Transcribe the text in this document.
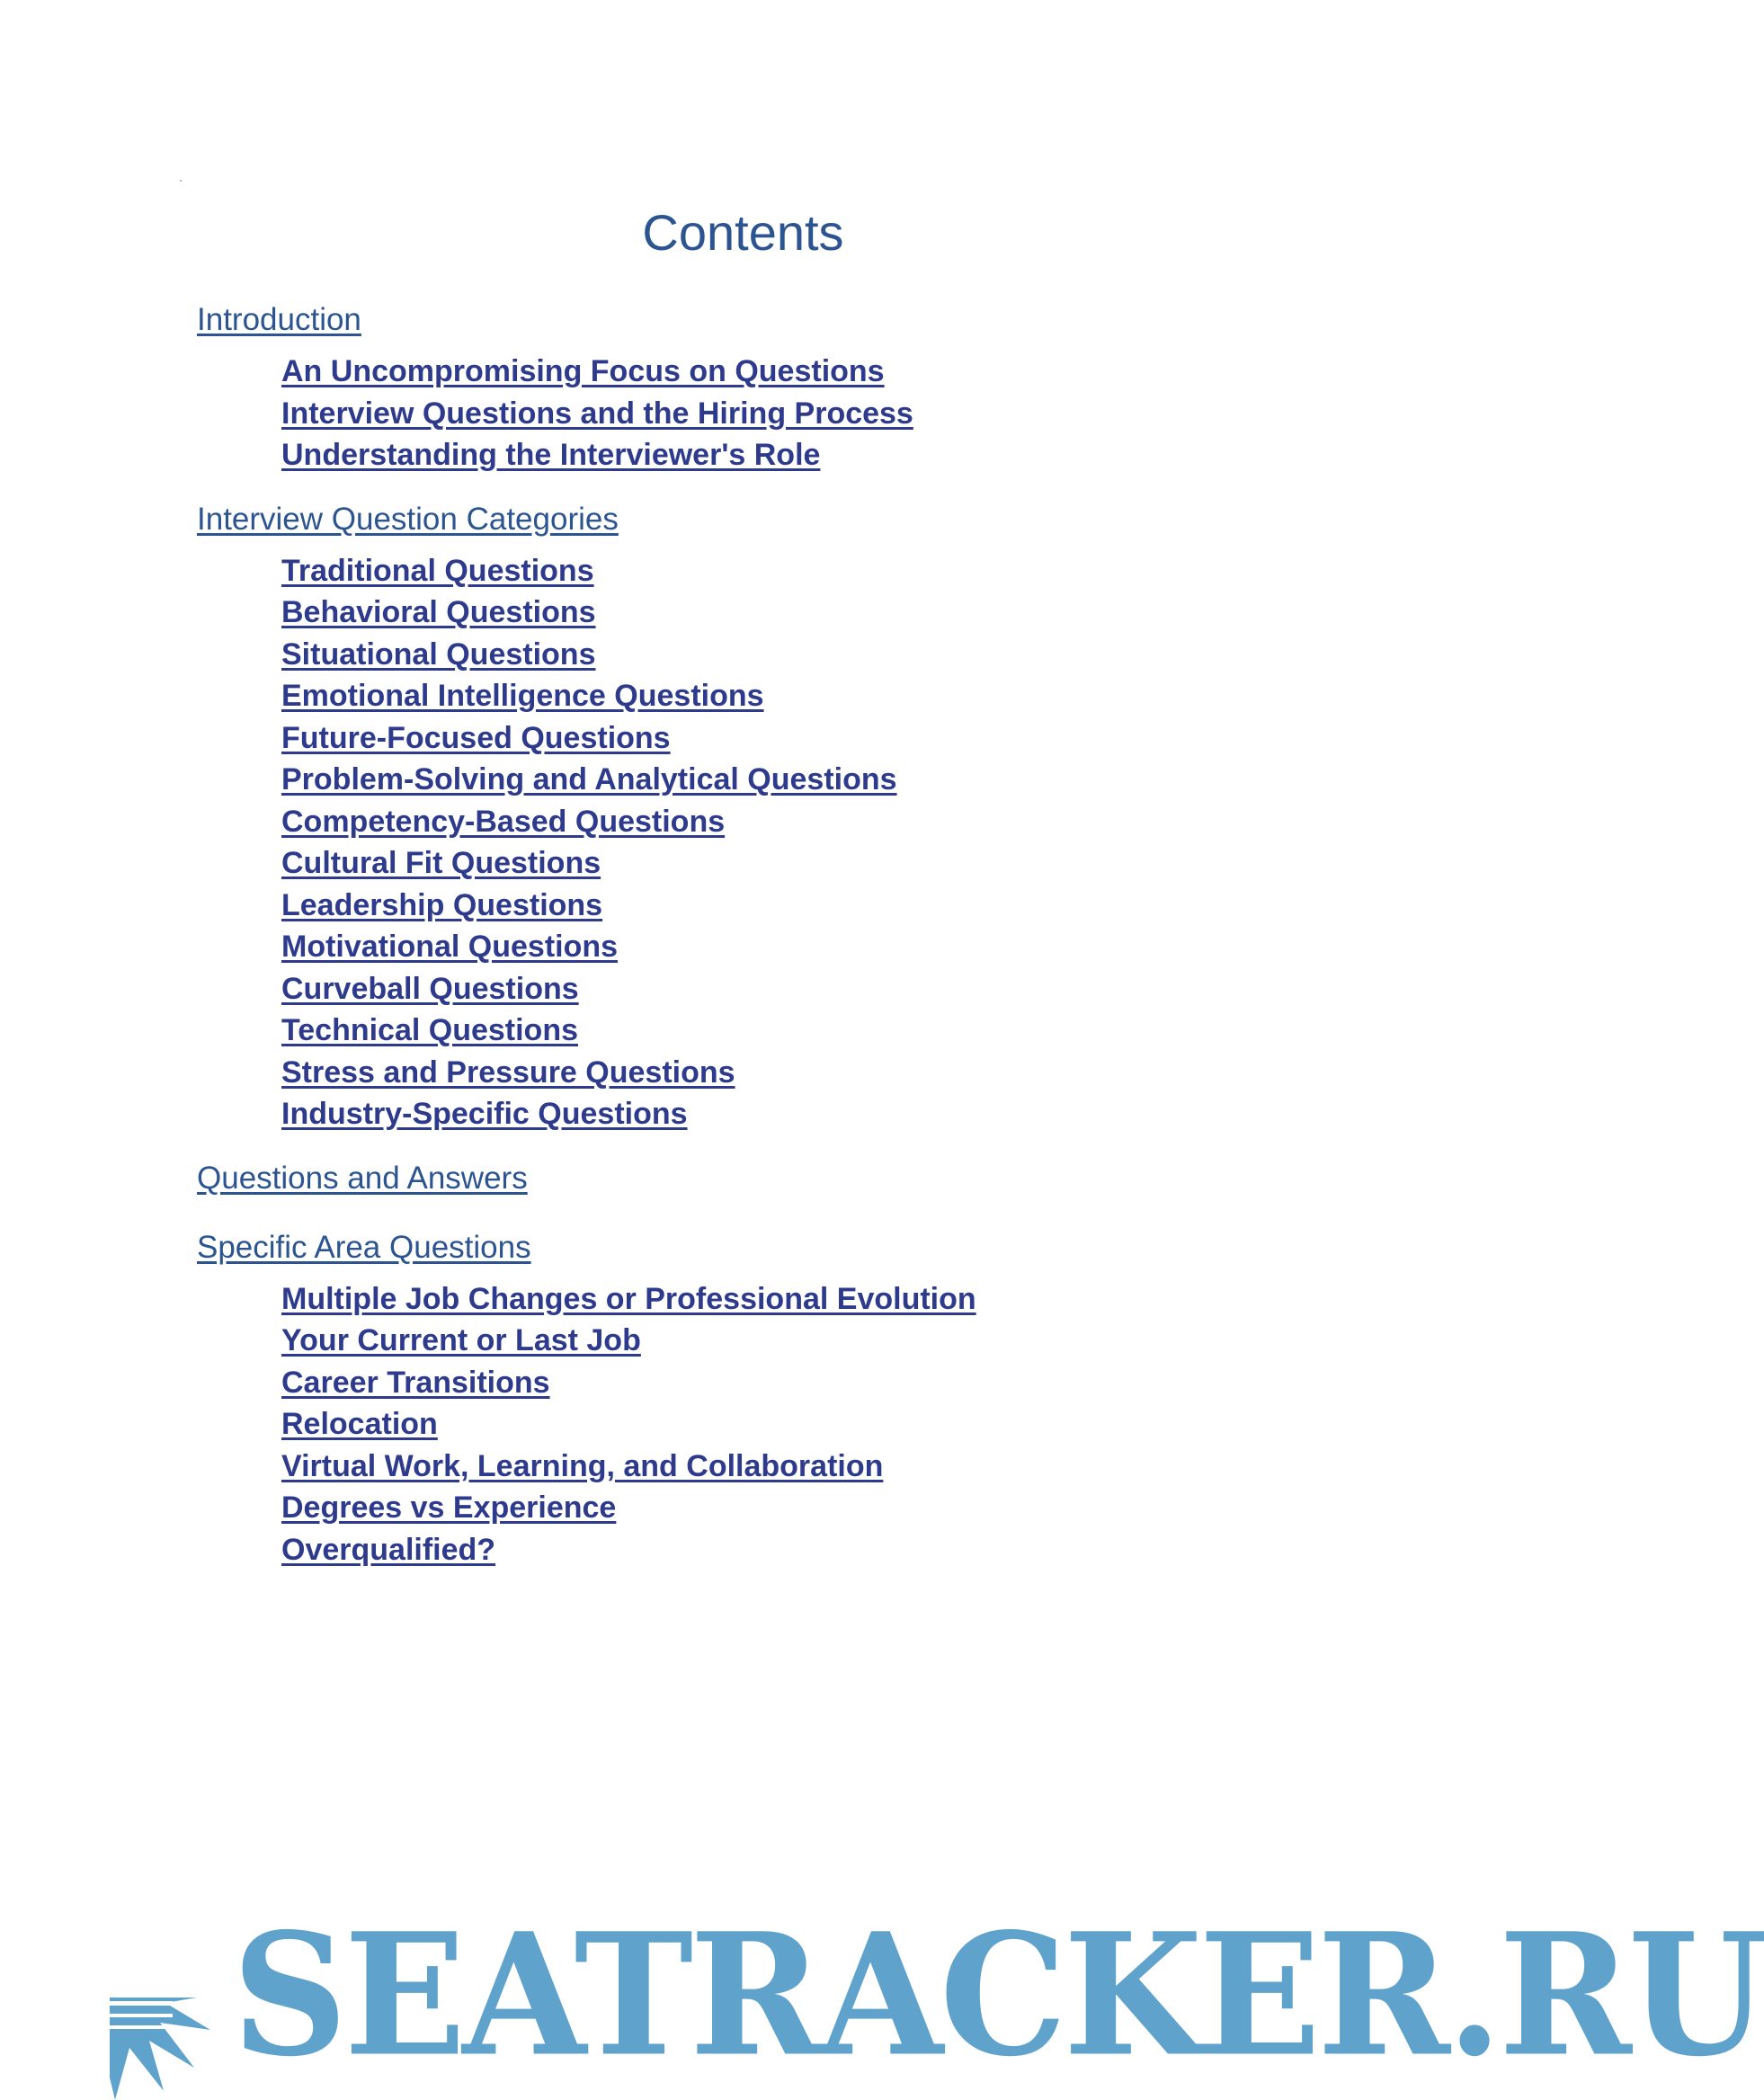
Contents
Introduction
An Uncompromising Focus on Questions
Interview Questions and the Hiring Process
Understanding the Interviewer's Role
Interview Question Categories
Traditional Questions
Behavioral Questions
Situational Questions
Emotional Intelligence Questions
Future-Focused Questions
Problem-Solving and Analytical Questions
Competency-Based Questions
Cultural Fit Questions
Leadership Questions
Motivational Questions
Curveball Questions
Technical Questions
Stress and Pressure Questions
Industry-Specific Questions
Questions and Answers
Specific Area Questions
Multiple Job Changes or Professional Evolution
Your Current or Last Job
Career Transitions
Relocation
Virtual Work, Learning, and Collaboration
Degrees vs Experience
Overqualified?
SEATRACKER.RU
